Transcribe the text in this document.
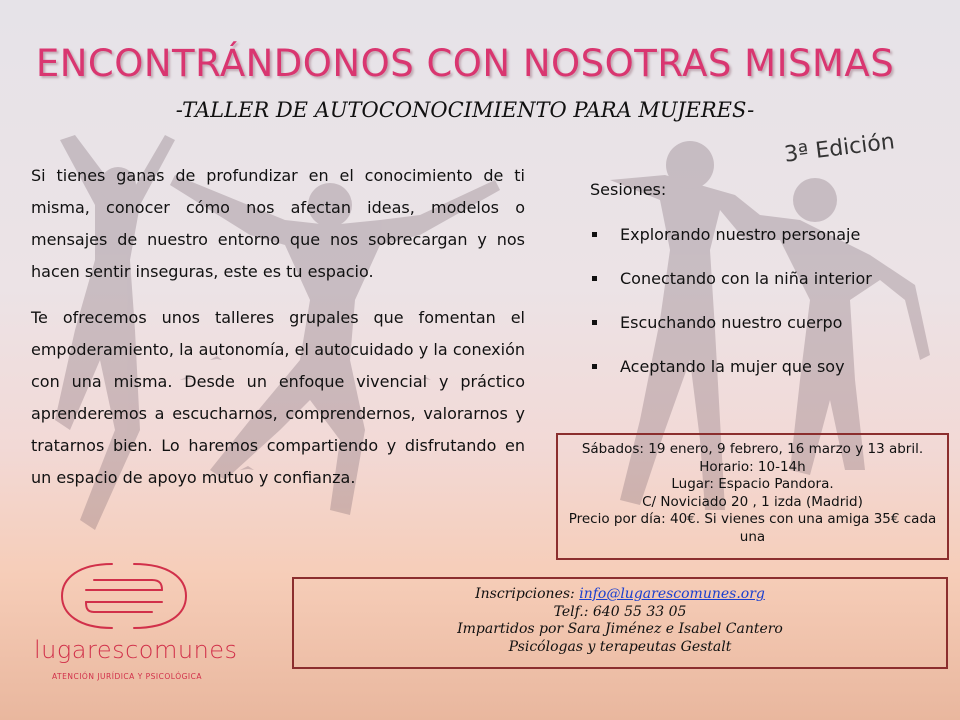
ENCONTRÁNDONOS CON NOSOTRAS MISMAS
-TALLER DE AUTOCONOCIMIENTO PARA MUJERES-
3ª Edición

Si tienes ganas de profundizar en el conocimiento de ti misma, conocer cómo nos afectan ideas, modelos o mensajes de nuestro entorno que nos sobrecargan y nos hacen sentir inseguras, este es tu espacio.

Te ofrecemos unos talleres grupales que fomentan el empoderamiento, la autonomía, el autocuidado y la conexión con una misma. Desde un enfoque vivencial y práctico aprenderemos a escucharnos, comprendernos, valorarnos y tratarnos bien. Lo haremos compartiendo y disfrutando en un espacio de apoyo mutuo y confianza.

Sesiones:
Explorando nuestro personaje
Conectando con la niña interior
Escuchando nuestro cuerpo
Aceptando la mujer que soy
Sábados: 19 enero, 9 febrero, 16 marzo y 13 abril.
Horario: 10-14h
Lugar: Espacio Pandora.
C/ Noviciado 20 , 1 izda (Madrid)
Precio por día: 40€. Si vienes con una amiga 35€ cada una
Inscripciones: info@lugarescomunes.org
Telf.: 640 55 33 05
Impartidos por Sara Jiménez e Isabel Cantero
Psicólogas y terapeutas Gestalt
lugarescomunes
ATENCIÓN JURÍDICA Y PSICOLÓGICA
